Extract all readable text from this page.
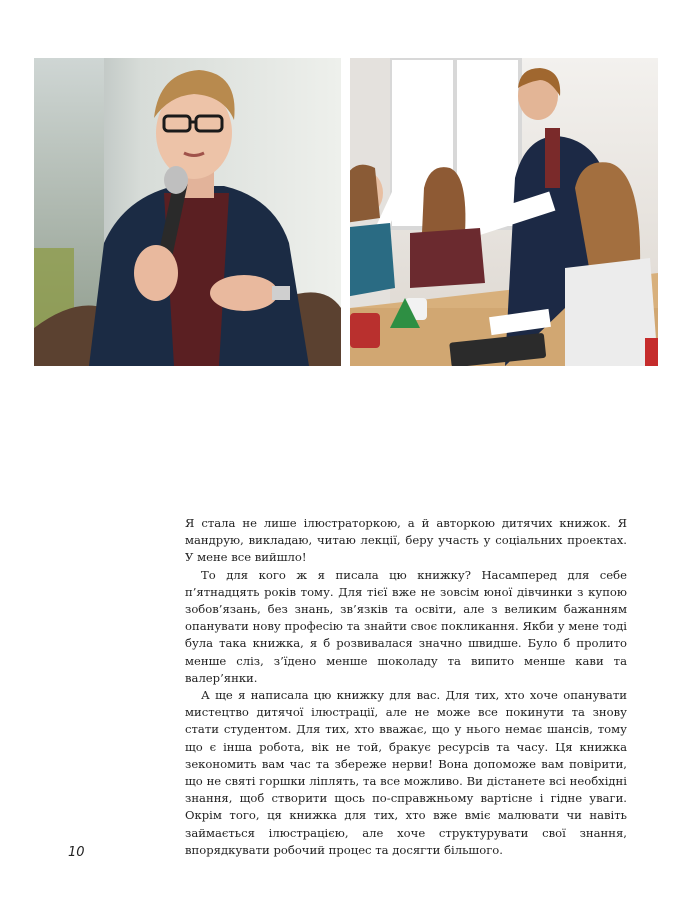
Я стала не лише ілюстраторкою, а й авторкою дитячих книжок. Я мандрую, викладаю, читаю лекції, беру участь у соціальних проектах. У мене все вийшло!

То для кого ж я писала цю книжку? Насамперед для себе п’ятнадцять років тому. Для тієї вже не зовсім юної дівчинки з купою зобов’язань, без знань, зв’язків та освіти, але з великим бажанням опанувати нову професію та знайти своє покликання. Якби у мене тоді була така книжка, я б розвивалася значно швидше. Було б пролито менше сліз, з’їдено менше шоколаду та випито менше кави та валер’янки.

А ще я написала цю книжку для вас. Для тих, хто хоче опанувати мистецтво дитячої ілюстрації, але не може все покинути та знову стати студентом. Для тих, хто вважає, що у нього немає шансів, тому що є інша робота, вік не той, бракує ресурсів та часу. Ця книжка зекономить вам час та збереже нерви! Вона допоможе вам повірити, що не святі горшки ліплять, та все можливо. Ви дістанете всі необхідні знання, щоб створити щось по-справжньому вартісне і гідне уваги. Окрім того, ця книжка для тих, хто вже вміє малювати чи навіть займається ілюстрацією, але хоче структурувати свої знання, впорядкувати робочий процес та досягти більшого.

10
